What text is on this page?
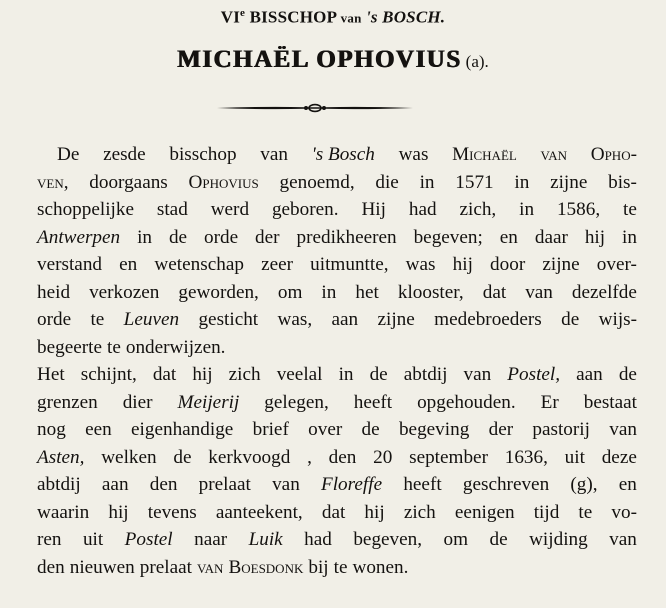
VIe BISSCHOP van 's BOSCH.
MICHAËL OPHOVIUS (a).
De zesde bisschop van 's Bosch was Michaël van Opho-
ven, doorgaans Ophovius genoemd, die in 1571 in zijne bis-
schoppelijke stad werd geboren. Hij had zich, in 1586, te
Antwerpen in de orde der predikheeren begeven; en daar hij in
verstand en wetenschap zeer uitmuntte, was hij door zijne over-
heid verkozen geworden, om in het klooster, dat van dezelfde
orde te Leuven gesticht was, aan zijne medebroeders de wijs-
begeerte te onderwijzen.
Het schijnt, dat hij zich veelal in de abtdij van Postel, aan de
grenzen dier Meijerij gelegen, heeft opgehouden. Er bestaat
nog een eigenhandige brief over de begeving der pastorij van
Asten, welken de kerkvoogd , den 20 september 1636, uit deze
abtdij aan den prelaat van Floreffe heeft geschreven (g), en
waarin hij tevens aanteekent, dat hij zich eenigen tijd te vo-
ren uit Postel naar Luik had begeven, om de wijding van
den nieuwen prelaat van Boesdonk bij te wonen.
